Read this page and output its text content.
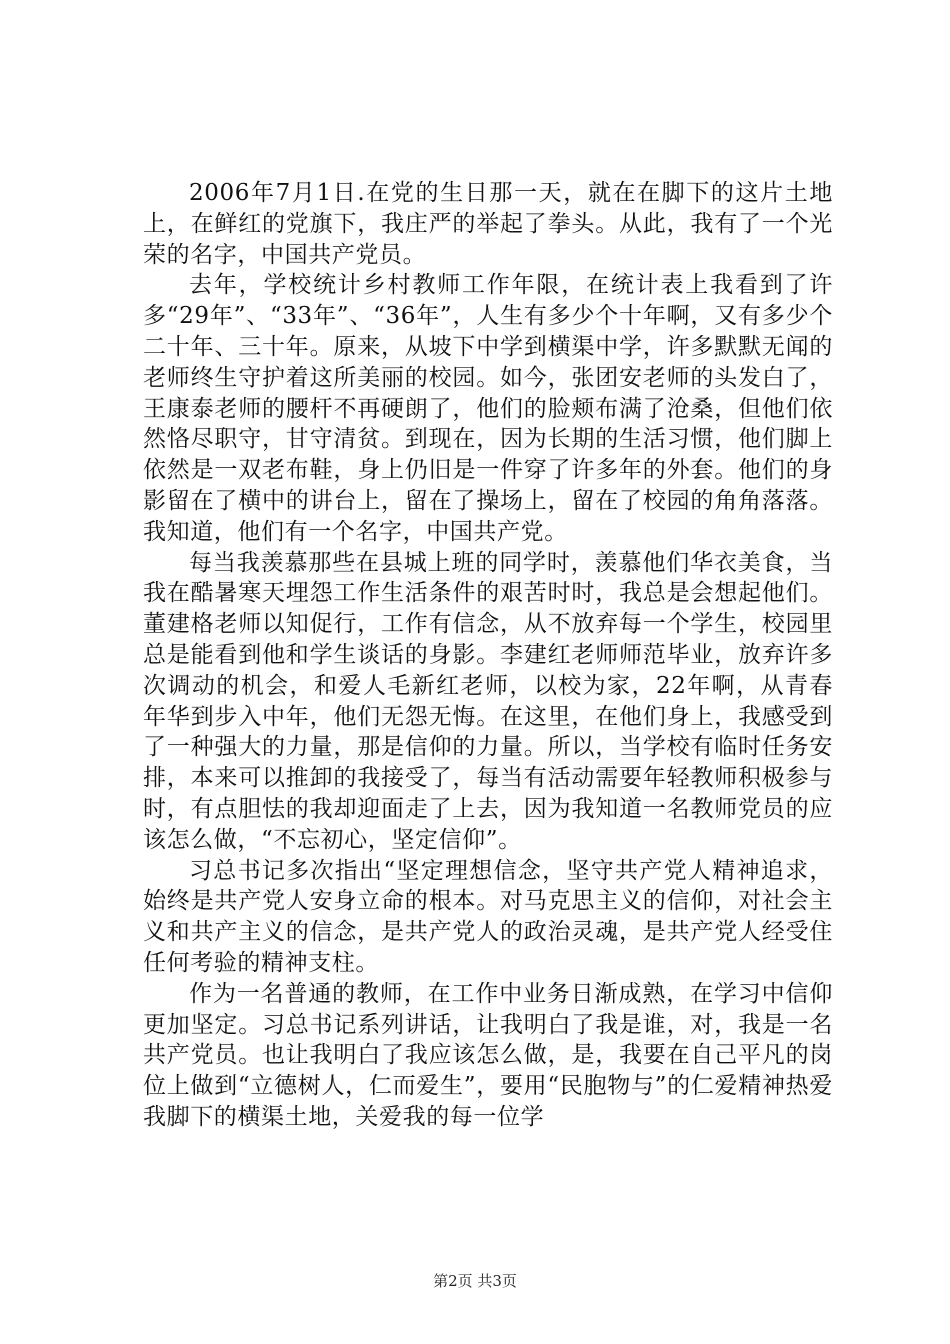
2006年7月1日.在党的生日那一天，就在在脚下的这片土地上，在鲜红的党旗下，我庄严的举起了拳头。从此，我有了一个光荣的名字，中国共产党员。

去年，学校统计乡村教师工作年限，在统计表上我看到了许多“29年”、“33年”、“36年”，人生有多少个十年啊，又有多少个二十年、三十年。原来，从坡下中学到横渠中学，许多默默无闻的老师终生守护着这所美丽的校园。如今，张团安老师的头发白了，王康泰老师的腰杆不再硬朗了，他们的脸颊布满了沧桑，但他们依然恪尽职守，甘守清贫。到现在，因为长期的生活习惯，他们脚上依然是一双老布鞋，身上仍旧是一件穿了许多年的外套。他们的身影留在了横中的讲台上，留在了操场上，留在了校园的角角落落。我知道，他们有一个名字，中国共产党。

每当我羡慕那些在县城上班的同学时，羡慕他们华衣美食，当我在酷暑寒天埋怨工作生活条件的艰苦时时，我总是会想起他们。董建格老师以知促行，工作有信念，从不放弃每一个学生，校园里总是能看到他和学生谈话的身影。李建红老师师范毕业，放弃许多次调动的机会，和爱人毛新红老师，以校为家，22年啊，从青春年华到步入中年，他们无怨无悔。在这里，在他们身上，我感受到了一种强大的力量，那是信仰的力量。所以，当学校有临时任务安排，本来可以推卸的我接受了，每当有活动需要年轻教师积极参与时，有点胆怯的我却迎面走了上去，因为我知道一名教师党员的应该怎么做，“不忘初心，坚定信仰”。

习总书记多次指出“坚定理想信念，坚守共产党人精神追求，始终是共产党人安身立命的根本。对马克思主义的信仰，对社会主义和共产主义的信念，是共产党人的政治灵魂，是共产党人经受住任何考验的精神支柱。

作为一名普通的教师，在工作中业务日渐成熟，在学习中信仰更加坚定。习总书记系列讲话，让我明白了我是谁，对，我是一名共产党员。也让我明白了我应该怎么做，是，我要在自己平凡的岗位上做到“立德树人，仁而爱生”，要用“民胞物与”的仁爱精神热爱我脚下的横渠土地，关爱我的每一位学

第2页 共3页
